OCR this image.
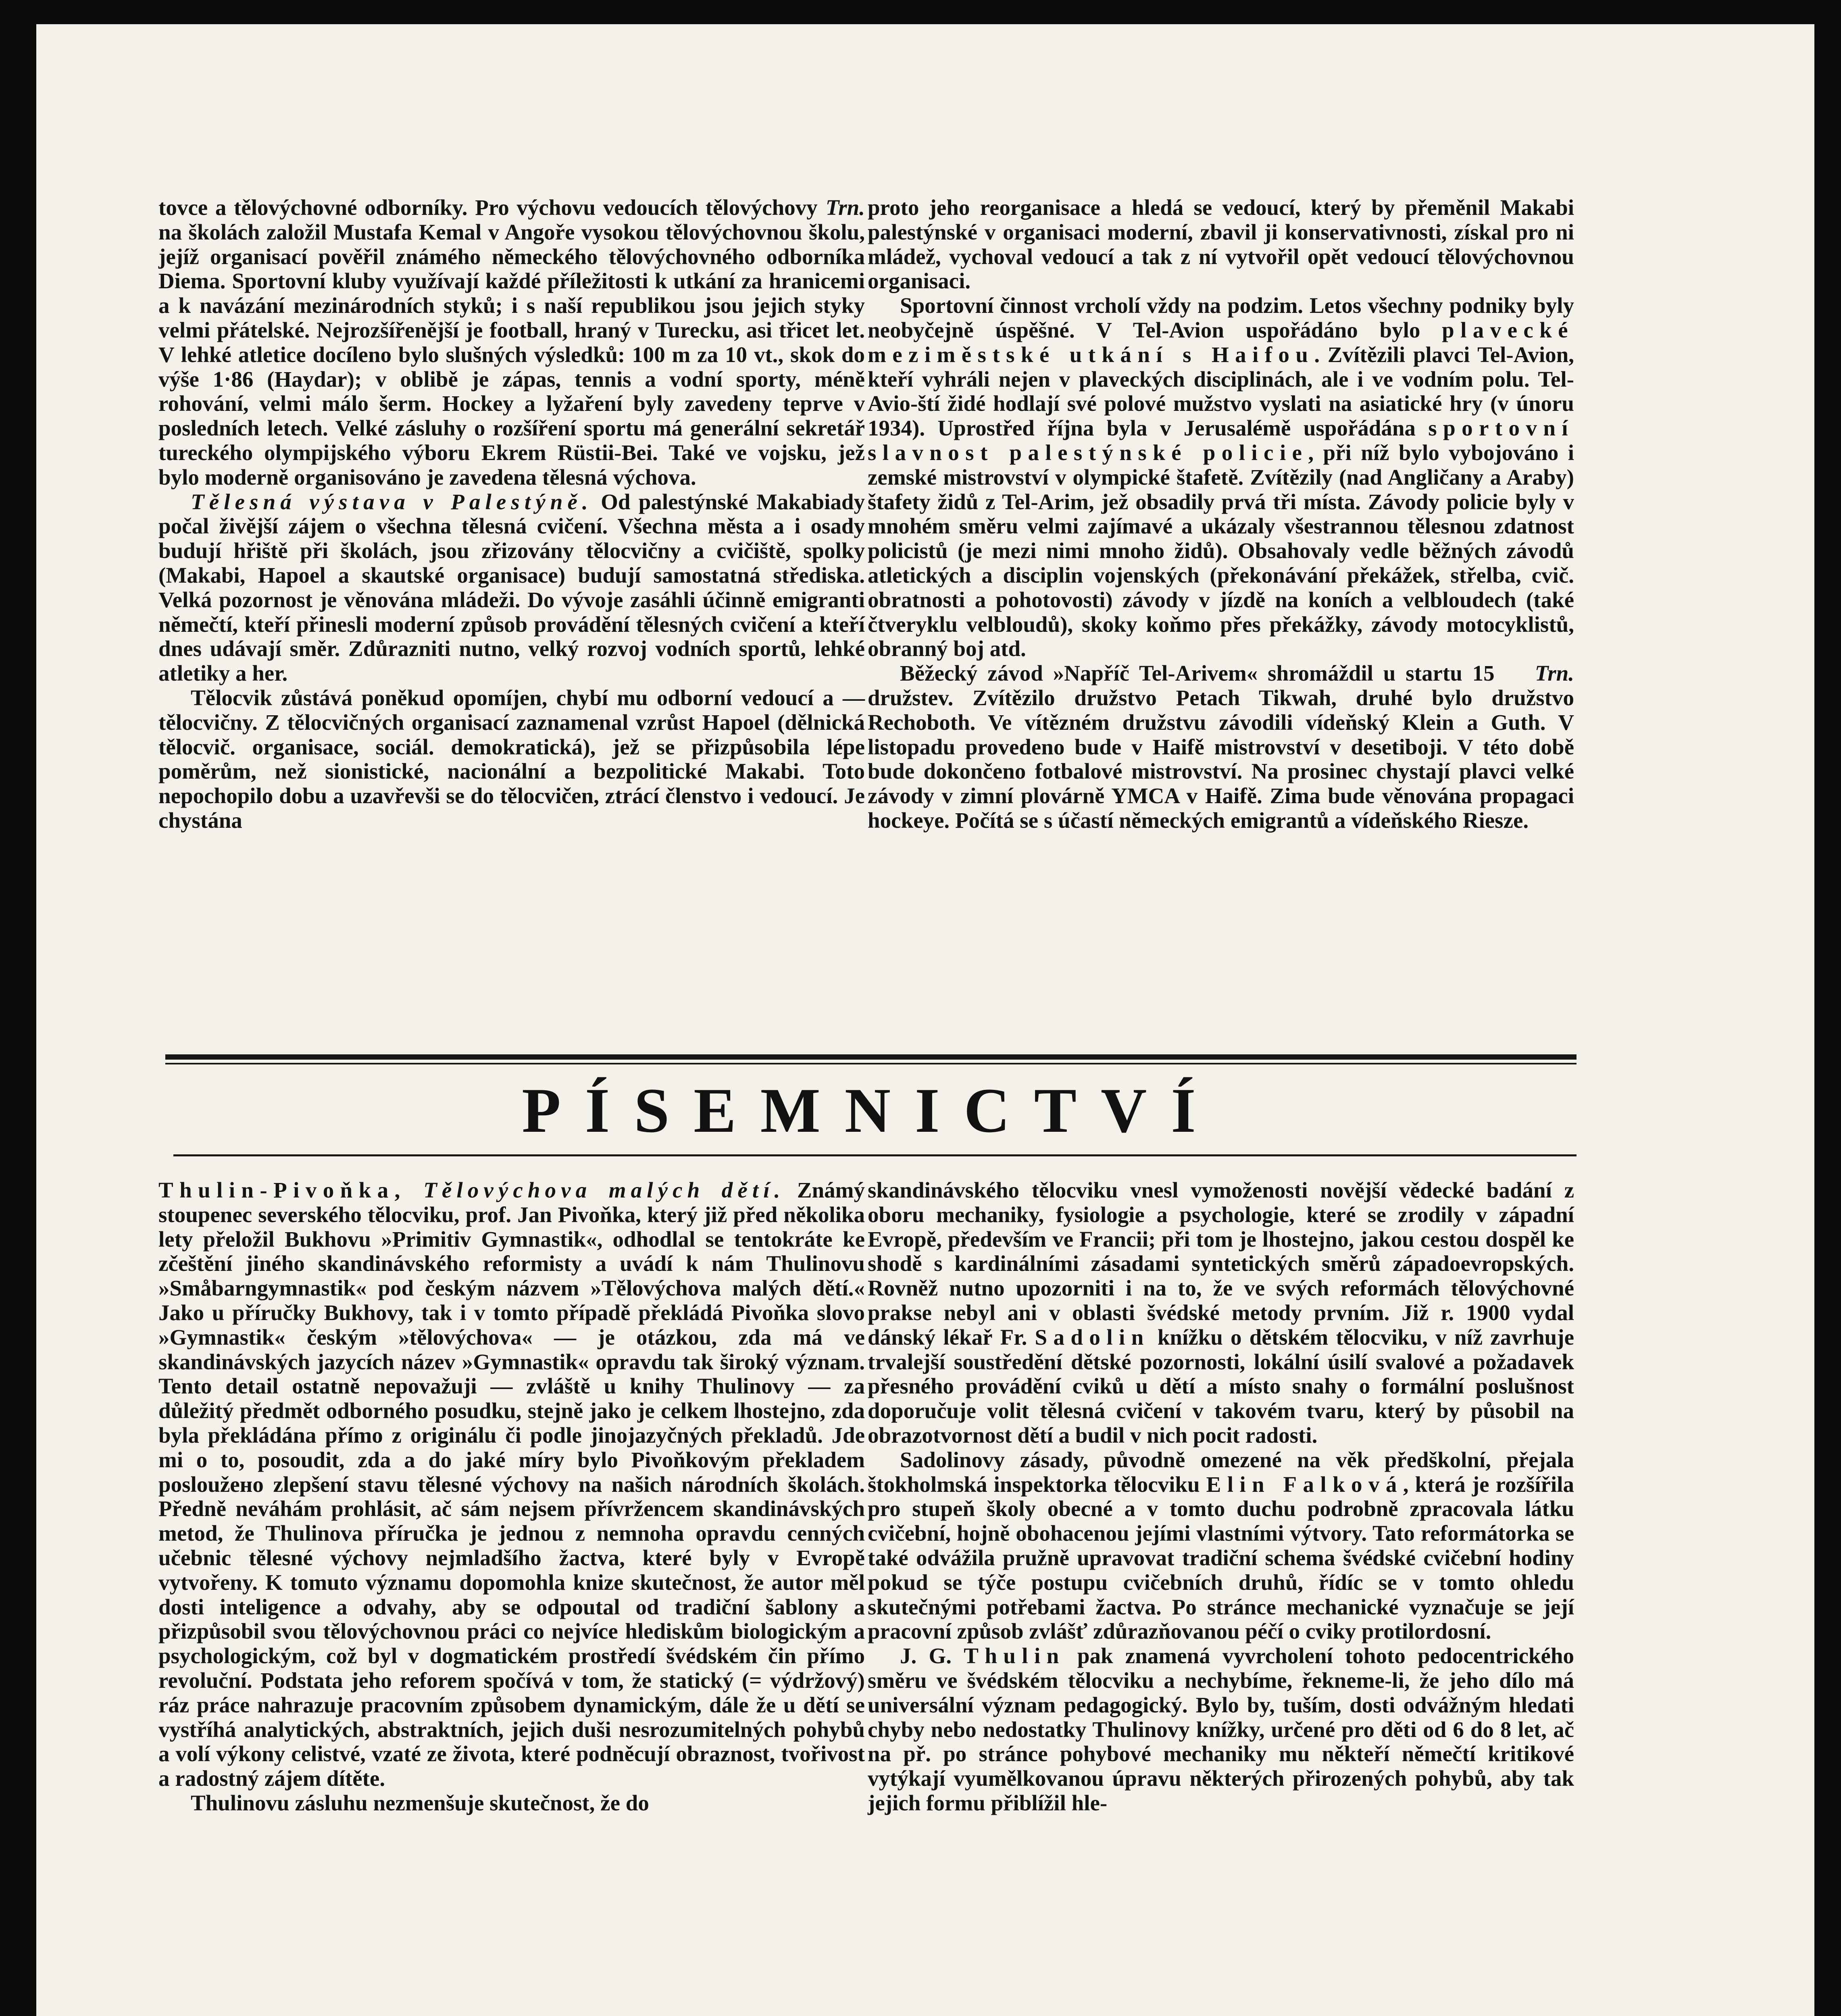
Trn.
tovce a tělovýchovné odborníky. Pro výchovu vedoucích tělovýchovy na školách založil Mustafa Kemal v Angoře vysokou tělovýchovnou školu, jejíž organisací pověřil známého německého tělovýchovného odborníka Diema. Sportovní kluby využívají každé příležitosti k utkání za hranicemi a k navázání mezinárodních styků; i s naší republikou jsou jejich styky velmi přátelské. Nejrozšířenější je football, hraný v Turecku, asi třicet let. V lehké atletice docíleno bylo slušných výsledků: 100 m za 10 vt., skok do výše 1·86 (Haydar); v oblibě je zápas, tennis a vodní sporty, méně rohování, velmi málo šerm. Hockey a lyžaření byly zavedeny teprve v posledních letech. Velké zásluhy o rozšíření sportu má generální sekretář tureckého olympijského výboru Ekrem Rüstii-Bei. Také ve vojsku, jež bylo moderně organisováno je zavedena tělesná výchova.

Tělesná výstava v Palestýně. Od palestýnské Makabiady počal živější zájem o všechna tělesná cvičení. Všechna města a i osady budují hřiště při školách, jsou zřizovány tělocvičny a cvičiště, spolky (Makabi, Hapoel a skautské organisace) budují samostatná střediska. Velká pozornost je věnována mládeži. Do vývoje zasáhli účinně emigranti němečtí, kteří přinesli moderní způsob provádění tělesných cvičení a kteří dnes udávají směr. Zdůrazniti nutno, velký rozvoj vodních sportů, lehké atletiky a her.

Tělocvik zůstává poněkud opomíjen, chybí mu odborní vedoucí a — tělocvičny. Z tělocvičných organisací zaznamenal vzrůst Hapoel (dělnická tělocvič. organisace, sociál. demokratická), jež se přizpůsobila lépe poměrům, než sionistické, nacionální a bezpolitické Makabi. Toto nepochopilo dobu a uzavřevši se do tělocvičen, ztrácí členstvo i vedoucí. Je chystána

proto jeho reorganisace a hledá se vedoucí, který by přeměnil Makabi palestýnské v organisaci moderní, zbavil ji konservativnosti, získal pro ni mládež, vychoval vedoucí a tak z ní vytvořil opět vedoucí tělovýchovnou organisaci.

Sportovní činnost vrcholí vždy na podzim. Letos všechny podniky byly neobyčejně úspěšné. V Tel-Avion uspořádáno bylo plavecké meziměstské utkání s Haifou. Zvítězili plavci Tel-Avion, kteří vyhráli nejen v plaveckých disciplinách, ale i ve vodním polu. Tel-Avio-ští židé hodlají své polové mužstvo vyslati na asiatické hry (v únoru 1934). Uprostřed října byla v Jerusalémě uspořádána sportovní slavnost palestýnské policie, při níž bylo vybojováno i zemské mistrovství v olympické štafetě. Zvítězily (nad Angličany a Araby) štafety židů z Tel-Arim, jež obsadily prvá tři místa. Závody policie byly v mnohém směru velmi zajímavé a ukázaly všestrannou tělesnou zdatnost policistů (je mezi nimi mnoho židů). Obsahovaly vedle běžných závodů atletických a disciplin vojenských (překonávání překážek, střelba, cvič. obratnosti a pohotovosti) závody v jízdě na koních a velbloudech (také čtveryklu velbloudů), skoky koňmo přes překážky, závody motocyklistů, obranný boj atd.

Trn.
Běžecký závod »Napříč Tel-Arivem« shromáždil u startu 15 družstev. Zvítězilo družstvo Petach Tikwah, druhé bylo družstvo Rechoboth. Ve vítězném družstvu závodili vídeňský Klein a Guth. V listopadu provedeno bude v Haifě mistrovství v desetiboji. V této době bude dokončeno fotbalové mistrovství. Na prosinec chystají plavci velké závody v zimní plovárně YMCA v Haifě. Zima bude věnována propagaci hockeye. Počítá se s účastí německých emigrantů a vídeňského Riesze.

PÍSEMNICTVÍ

Thulin-Pivoňka, Tělovýchova malých dětí. Známý stoupenec severského tělocviku, prof. Jan Pivoňka, který již před několika lety přeložil Bukhovu »Primitiv Gymnastik«, odhodlal se tentokráte ke zčeštění jiného skandinávského reformisty a uvádí k nám Thulinovu »Småbarngymnastik« pod českým názvem »Tělovýchova malých dětí.« Jako u příručky Bukhovy, tak i v tomto případě překládá Pivoňka slovo »Gymnastik« českým »tělovýchova« — je otázkou, zda má ve skandinávských jazycích název »Gymnastik« opravdu tak široký význam. Tento detail ostatně nepovažuji — zvláště u knihy Thulinovy — za důležitý předmět odborného posudku, stejně jako je celkem lhostejno, zda byla překládána přímo z originálu či podle jinojazyčných překladů. Jde mi o to, posoudit, zda a do jaké míry bylo Pivoňkovým překladem posloužено zlepšení stavu tělesné výchovy na našich národních školách. Předně neváhám prohlásit, ač sám nejsem přívržencem skandinávských metod, že Thulinova příručka je jednou z nemnoha opravdu cenných učebnic tělesné výchovy nejmladšího žactva, které byly v Evropě vytvořeny. K tomuto významu dopomohla knize skutečnost, že autor měl dosti inteligence a odvahy, aby se odpoutal od tradiční šablony a přizpůsobil svou tělovýchovnou práci co nejvíce hlediskům biologickým a psychologickým, což byl v dogmatickém prostředí švédském čin přímo revoluční. Podstata jeho reforem spočívá v tom, že statický (= výdržový) ráz práce nahrazuje pracovním způsobem dynamickým, dále že u dětí se vystříhá analytických, abstraktních, jejich duši nesrozumitelných pohybů a volí výkony celistvé, vzaté ze života, které podněcují obraznost, tvořivost a radostný zájem dítěte.

Thulinovu zásluhu nezmenšuje skutečnost, že do

skandinávského tělocviku vnesl vymoženosti novější vědecké badání z oboru mechaniky, fysiologie a psychologie, které se zrodily v západní Evropě, především ve Francii; při tom je lhostejno, jakou cestou dospěl ke shodě s kardinálními zásadami syntetických směrů západoevropských. Rovněž nutno upozorniti i na to, že ve svých reformách tělovýchovné prakse nebyl ani v oblasti švédské metody prvním. Již r. 1900 vydal dánský lékař Fr. Sadolin knížku o dětském tělocviku, v níž zavrhuje trvalejší soustředění dětské pozornosti, lokální úsilí svalové a požadavek přesného provádění cviků u dětí a místo snahy o formální poslušnost doporučuje volit tělesná cvičení v takovém tvaru, který by působil na obrazotvornost dětí a budil v nich pocit radosti.

Sadolinovy zásady, původně omezené na věk předškolní, přejala štokholmská inspektorka tělocviku Elin Falková, která je rozšířila pro stupeň školy obecné a v tomto duchu podrobně zpracovala látku cvičební, hojně obohacenou jejími vlastními výtvory. Tato reformátorka se také odvážila pružně upravovat tradiční schema švédské cvičební hodiny pokud se týče postupu cvičebních druhů, řídíc se v tomto ohledu skutečnými potřebami žactva. Po stránce mechanické vyznačuje se její pracovní způsob zvlášť zdůrazňovanou péčí o cviky protilordosní.

J. G. Thulin pak znamená vyvrcholení tohoto pedocentrického směru ve švédském tělocviku a nechybíme, řekneme-li, že jeho dílo má universální význam pedagogický. Bylo by, tuším, dosti odvážným hledati chyby nebo nedostatky Thulinovy knížky, určené pro děti od 6 do 8 let, ač na př. po stránce pohybové mechaniky mu někteří němečtí kritikové vytýkají vyumělkovanou úpravu některých přirozených pohybů, aby tak jejich formu přiblížil hle-
